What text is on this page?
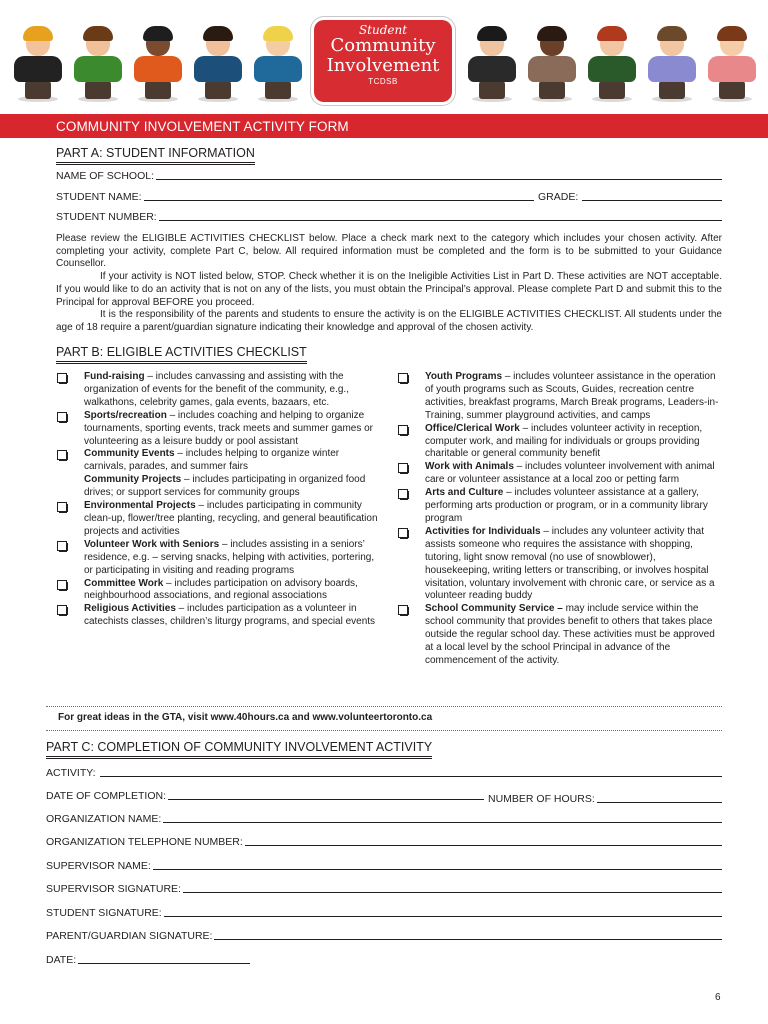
Student
Community
Involvement
TCDSB
COMMUNITY INVOLVEMENT ACTIVITY FORM
PART A: STUDENT INFORMATION
NAME OF SCHOOL:
STUDENT NAME:	GRADE:
STUDENT NUMBER:

Please review the ELIGIBLE ACTIVITIES CHECKLIST below. Place a check mark next to the category which includes your chosen activity. After completing your activity, complete Part C, below. All required information must be completed and the form is to be submitted to your Guidance Counsellor.

If your activity is NOT listed below, STOP. Check whether it is on the Ineligible Activities List in Part D. These activities are NOT acceptable. If you would like to do an activity that is not on any of the lists, you must obtain the Principal’s approval. Please complete Part D and submit this to the Principal for approval BEFORE you proceed.

It is the responsibility of the parents and students to ensure the activity is on the ELIGIBLE ACTIVITIES CHECKLIST. All students under the age of 18 require a parent/guardian signature indicating their knowledge and approval of the chosen activity.

PART B: ELIGIBLE ACTIVITIES CHECKLIST
Fund-raising – includes canvassing and assisting with the organization of events for the benefit of the community, e.g., walkathons, celebrity games, gala events, bazaars, etc.
Sports/recreation – includes coaching and helping to organize tournaments, sporting events, track meets and summer games or volunteering as a leisure buddy or pool assistant
Community Events – includes helping to organize winter carnivals, parades, and summer fairs
Community Projects – includes participating in organized food drives; or support services for community groups
Environmental Projects – includes participating in community clean-up, flower/tree planting, recycling, and general beautification projects and activities
Volunteer Work with Seniors – includes assisting in a seniors’ residence, e.g. – serving snacks, helping with activities, portering, or participating in visiting and reading programs
Committee Work – includes participation on advisory boards, neighbourhood associations, and regional associations
Religious Activities – includes participation as a volunteer in catechists classes, children’s liturgy programs, and special events
Youth Programs – includes volunteer assistance in the operation of youth programs such as Scouts, Guides, recreation centre activities, breakfast programs, March Break programs, Leaders-in-Training, summer playground activities, and camps
Office/Clerical Work – includes volunteer activity in reception, computer work, and mailing for individuals or groups providing charitable or general community benefit
Work with Animals – includes volunteer involvement with animal care or volunteer assistance at a local zoo or petting farm
Arts and Culture – includes volunteer assistance at a gallery, performing arts production or program, or in a community library program
Activities for Individuals – includes any volunteer activity that assists someone who requires the assistance with shopping, tutoring, light snow removal (no use of snowblower), housekeeping, writing letters or transcribing, or involves hospital visitation, voluntary involvement with chronic care, or service as a volunteer reading buddy
School Community Service – may include service within the school community that provides benefit to others that takes place outside the regular school day. These activities must be approved at a local level by the school Principal in advance of the commencement of the activity.
For great ideas in the GTA, visit www.40hours.ca and www.volunteertoronto.ca
PART C: COMPLETION OF COMMUNITY INVOLVEMENT ACTIVITY
ACTIVITY:
DATE OF COMPLETION:	NUMBER OF HOURS:
ORGANIZATION NAME:
ORGANIZATION TELEPHONE NUMBER:
SUPERVISOR NAME:
SUPERVISOR SIGNATURE:
STUDENT SIGNATURE:
PARENT/GUARDIAN SIGNATURE:
DATE:
6
